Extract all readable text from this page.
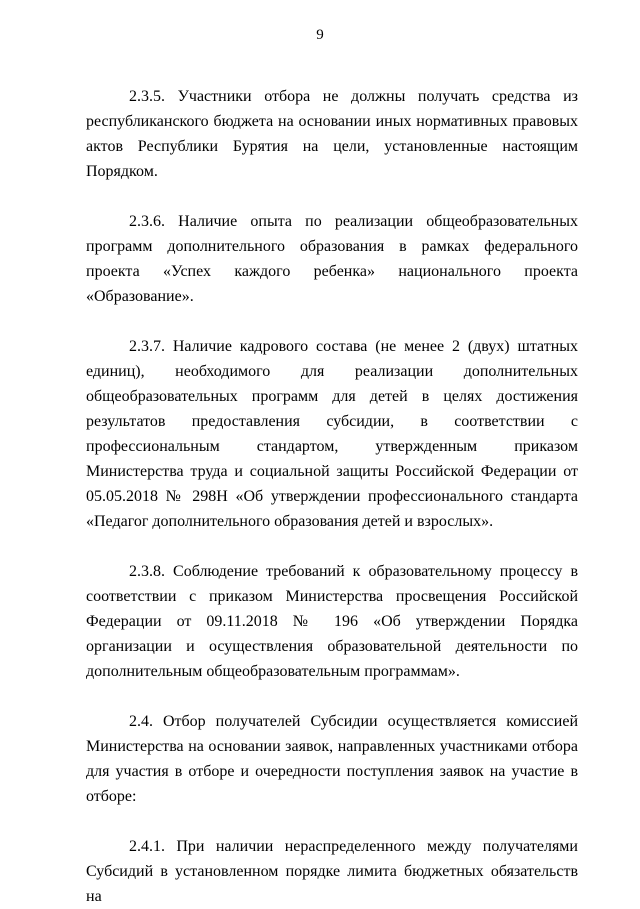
9

2.3.5. Участники отбора не должны получать средства из республиканского бюджета на основании иных нормативных правовых актов Республики Бурятия на цели, установленные настоящим Порядком.

2.3.6. Наличие опыта по реализации общеобразовательных программ дополнительного образования в рамках федерального проекта «Успех каждого ребенка» национального проекта «Образование».

2.3.7. Наличие кадрового состава (не менее 2 (двух) штатных единиц), необходимого для реализации дополнительных общеобразовательных программ для детей в целях достижения результатов предоставления субсидии, в соответствии с профессиональным стандартом, утвержденным приказом Министерства труда и социальной защиты Российской Федерации от 05.05.2018 № 298Н «Об утверждении профессионального стандарта «Педагог дополнительного образования детей и взрослых».

2.3.8. Соблюдение требований к образовательному процессу в соответствии с приказом Министерства просвещения Российской Федерации от 09.11.2018 № 196 «Об утверждении Порядка организации и осуществления образовательной деятельности по дополнительным общеобразовательным программам».

2.4. Отбор получателей Субсидии осуществляется комиссией Министерства на основании заявок, направленных участниками отбора для участия в отборе и очередности поступления заявок на участие в отборе:

2.4.1. При наличии нераспределенного между получателями Субсидий в установленном порядке лимита бюджетных обязательств на
